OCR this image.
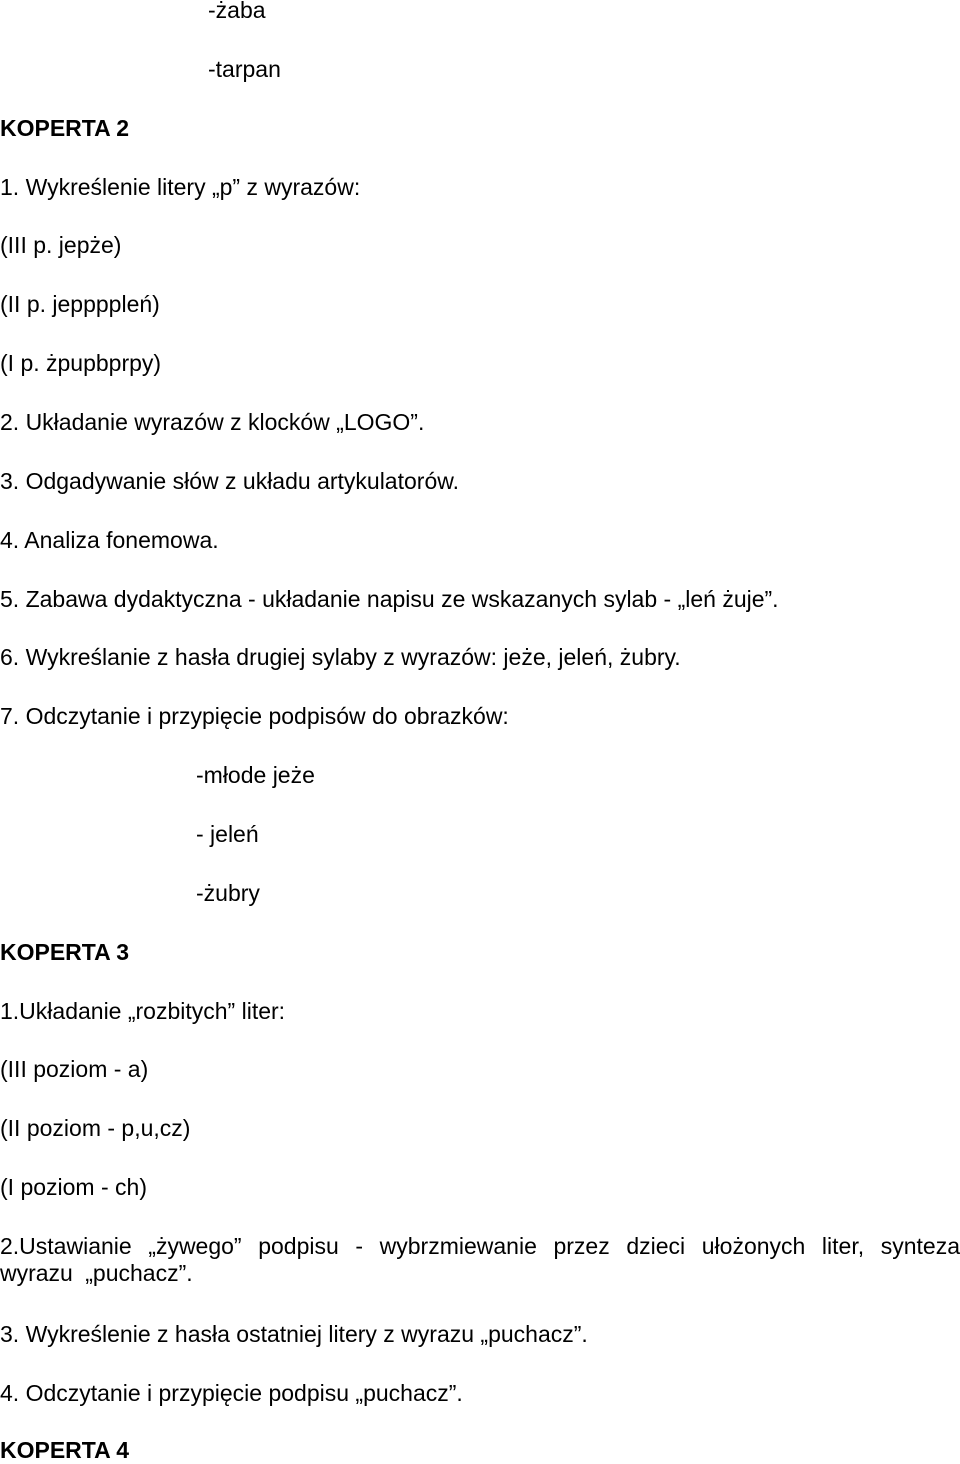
-żaba
-tarpan
KOPERTA 2
1. Wykreślenie litery „p” z wyrazów:
(III p. jepże)
(II p. jeppppleń)
(I p. żpupbprpy)
2. Układanie wyrazów z klocków „LOGO”.
3. Odgadywanie słów z układu artykulatorów.
4. Analiza fonemowa.
5. Zabawa dydaktyczna - układanie napisu ze wskazanych sylab - „leń żuje”.
6. Wykreślanie z hasła drugiej sylaby z wyrazów: jeże, jeleń, żubry.
7. Odczytanie i przypięcie podpisów do obrazków:
-młode jeże
- jeleń
-żubry
KOPERTA 3
1.Układanie „rozbitych” liter:
(III poziom - a)
(II poziom - p,u,cz)
(I poziom - ch)
2.Ustawianie „żywego” podpisu - wybrzmiewanie przez dzieci ułożonych liter, synteza wyrazu „puchacz”.
3. Wykreślenie z hasła ostatniej litery z wyrazu „puchacz”.
4. Odczytanie i przypięcie podpisu „puchacz”.
KOPERTA 4
